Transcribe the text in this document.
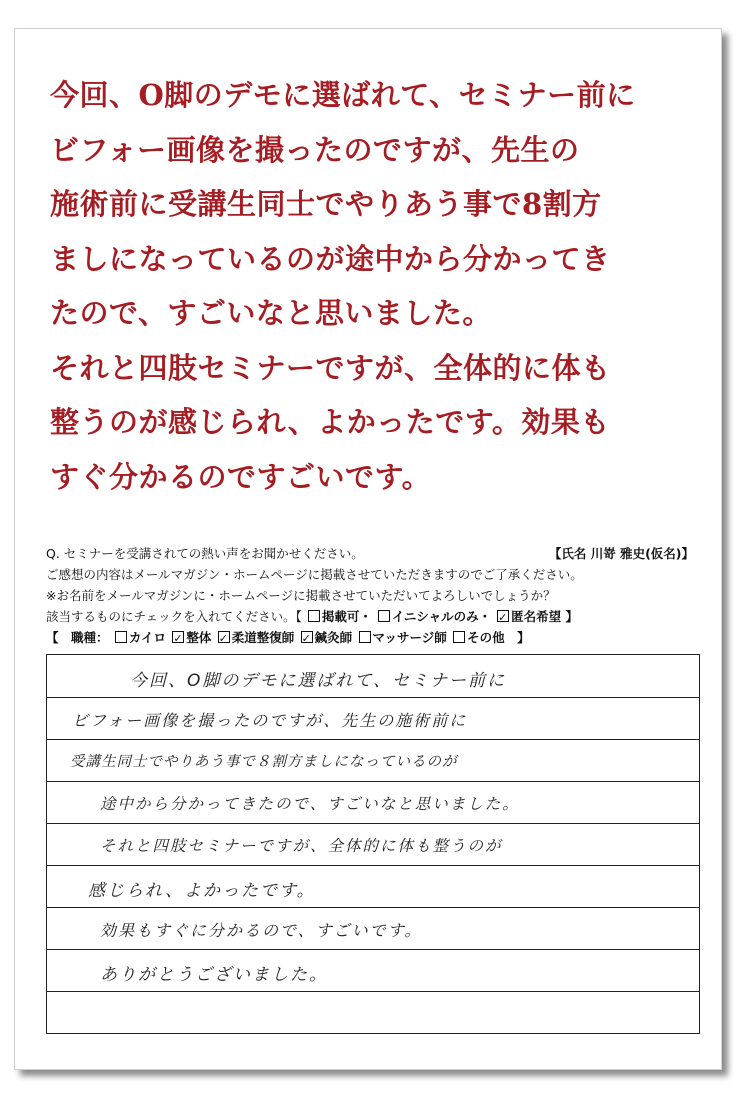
今回、O脚のデモに選ばれて、セミナー前に
ビフォー画像を撮ったのですが、先生の
施術前に受講生同士でやりあう事で8割方
ましになっているのが途中から分かってき
たので、すごいなと思いました。
それと四肢セミナーですが、全体的に体も
整うのが感じられ、よかったです。効果も
すぐ分かるのですごいです。
Q. セミナーを受講されての熱い声をお聞かせください。	【氏名 川嵜 雅史(仮名)】
ご感想の内容はメールマガジン・ホームページに掲載させていただきますのでご了承ください。
※お名前をメールマガジンに・ホームページに掲載させていただいてよろしいでしょうか？
該当するものにチェックを入れてください。【 掲載可・ イニシャルのみ・ ✓ 匿名希望 】
【　職種： カイロ ✓ 整体 ✓ 柔道整復師 ✓ 鍼灸師 マッサージ師 その他　】
今回、O脚のデモに選ばれて、セミナー前に
ビフォー画像を撮ったのですが、先生の施術前に
受講生同士でやりあう事で８割方ましになっているのが
途中から分かってきたので、すごいなと思いました。
それと四肢セミナーですが、全体的に体も整うのが
感じられ、よかったです。
効果もすぐに分かるので、すごいです。
ありがとうございました。
